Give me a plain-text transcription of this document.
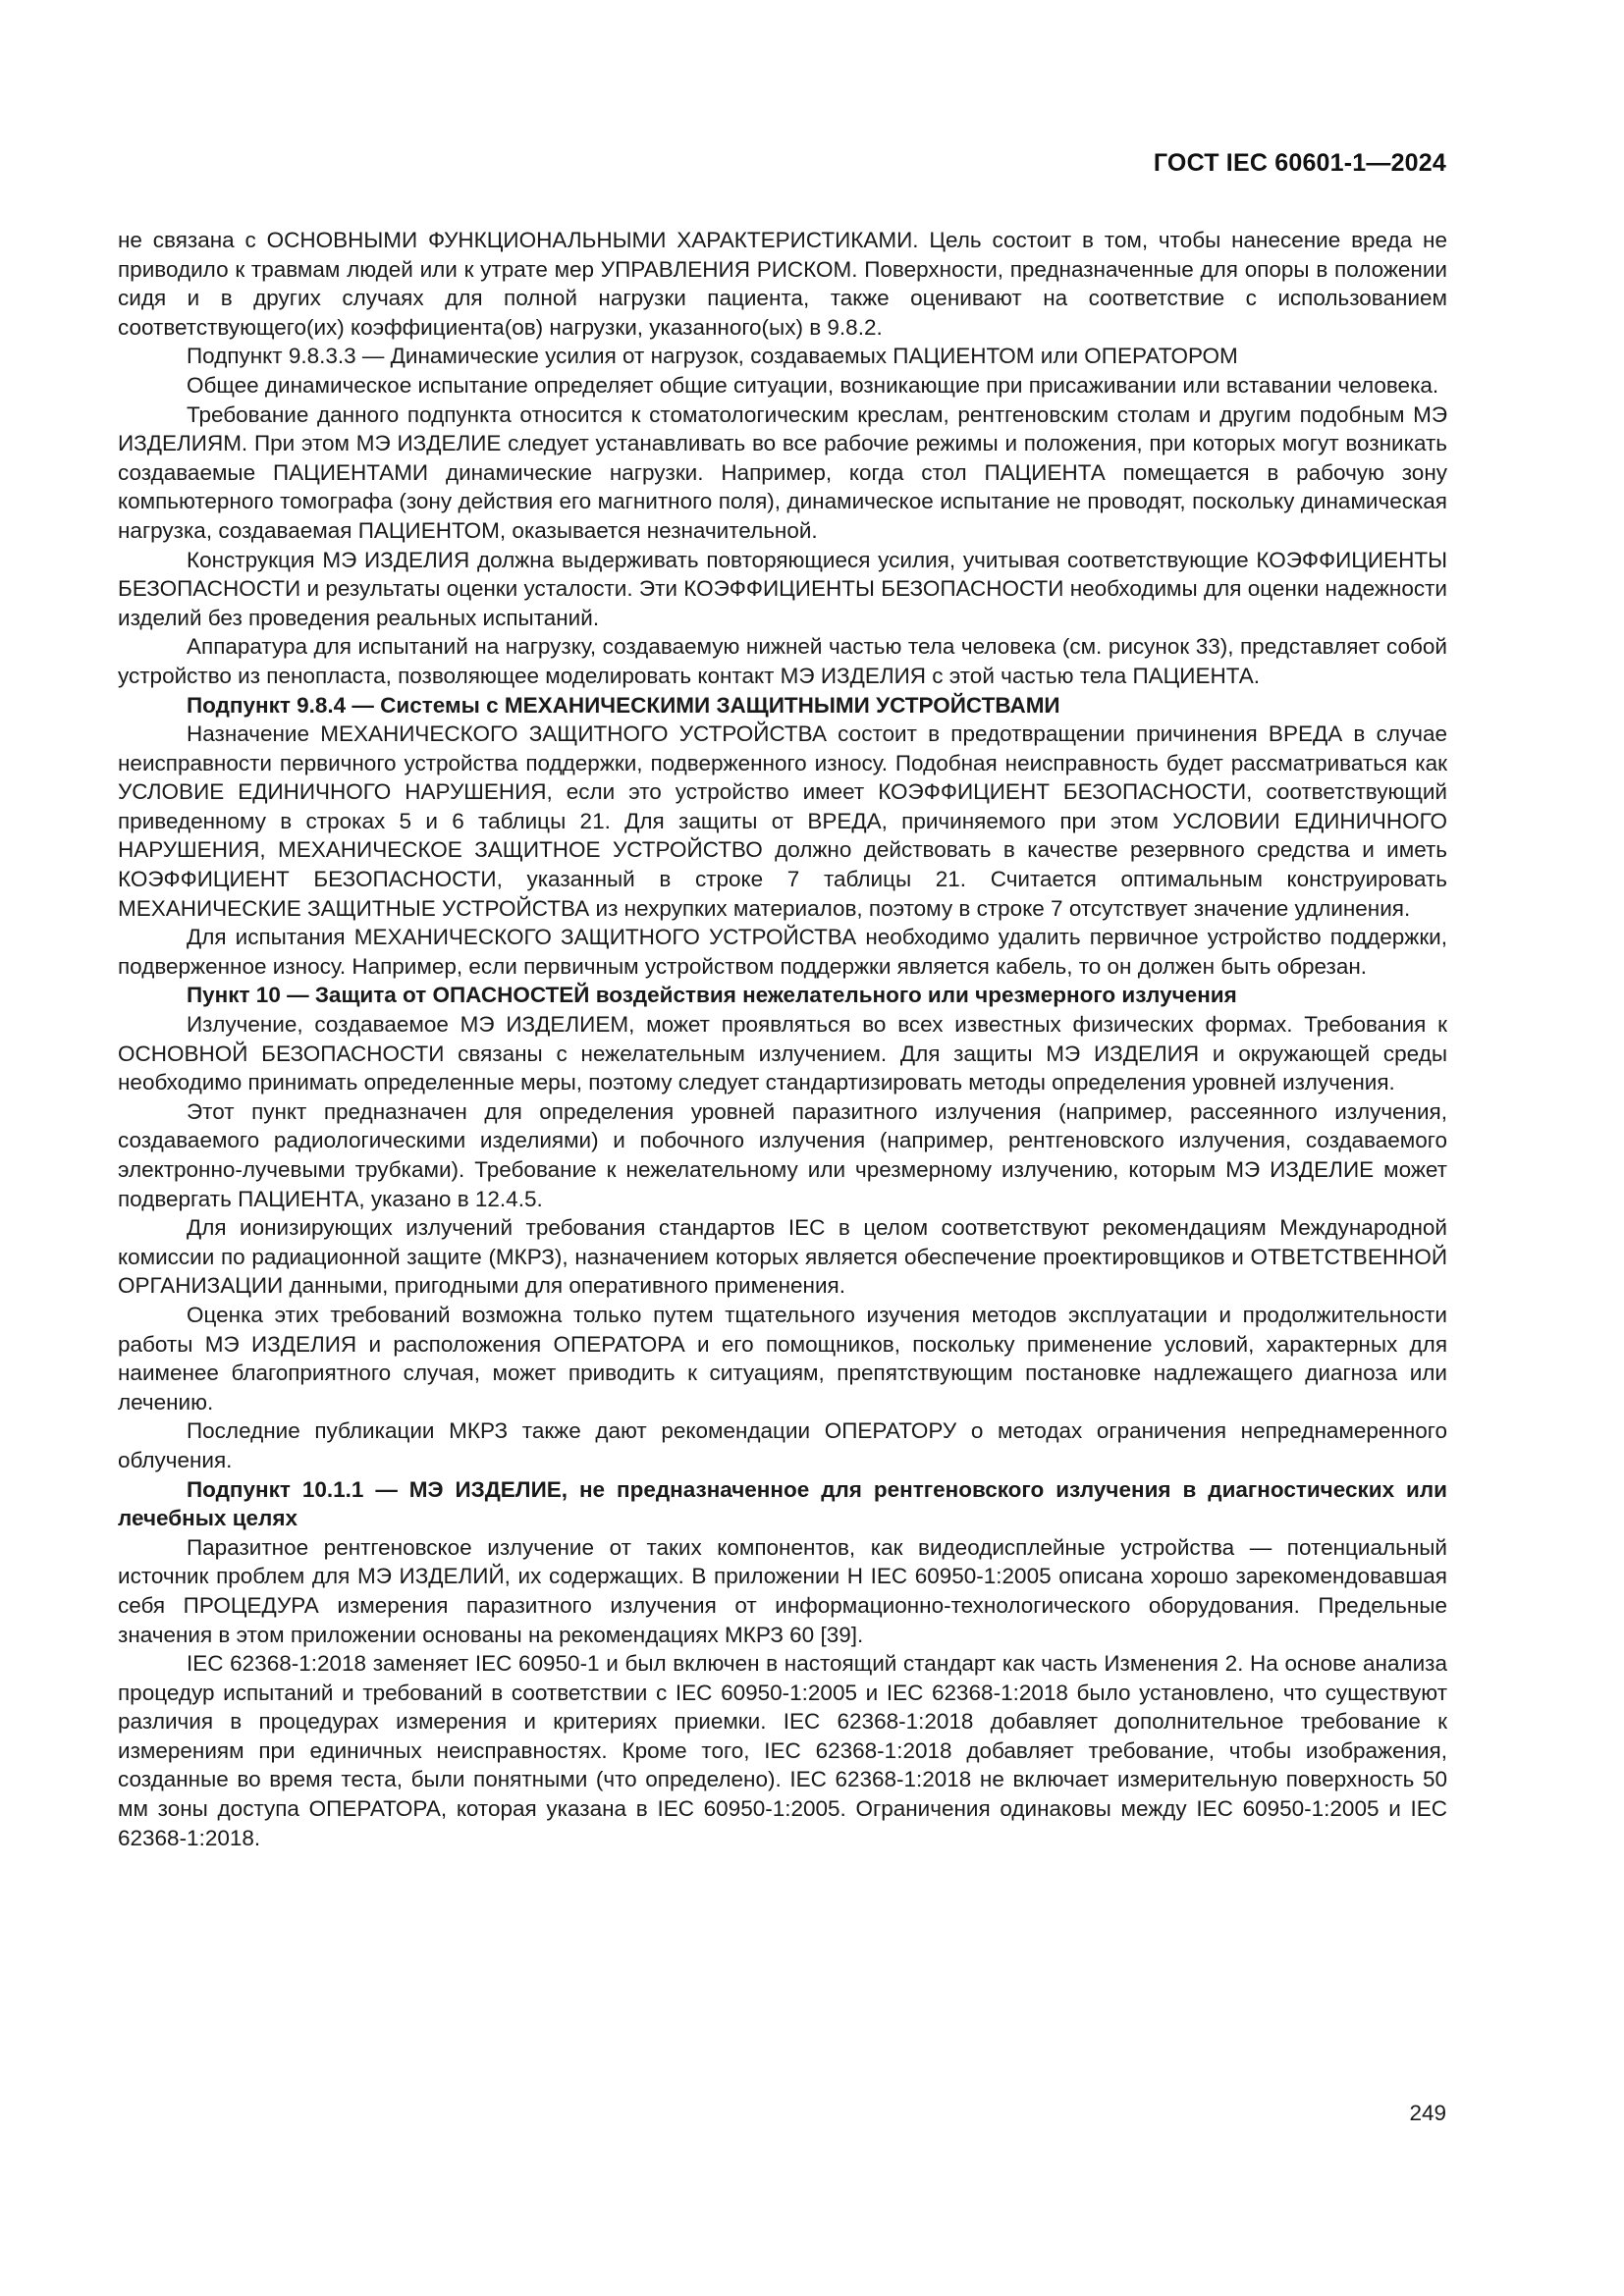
ГОСТ IEC 60601-1—2024

не связана с ОСНОВНЫМИ ФУНКЦИОНАЛЬНЫМИ ХАРАКТЕРИСТИКАМИ. Цель состоит в том, чтобы нанесение вреда не приводило к травмам людей или к утрате мер УПРАВЛЕНИЯ РИСКОМ. Поверхности, предназначенные для опоры в положении сидя и в других случаях для полной нагрузки пациента, также оценивают на соответствие с использованием соответствующего(их) коэффициента(ов) нагрузки, указанного(ых) в 9.8.2.

Подпункт 9.8.3.3 — Динамические усилия от нагрузок, создаваемых ПАЦИЕНТОМ или ОПЕРАТОРОМ

Общее динамическое испытание определяет общие ситуации, возникающие при присаживании или вставании человека.

Требование данного подпункта относится к стоматологическим креслам, рентгеновским столам и другим подобным МЭ ИЗДЕЛИЯМ. При этом МЭ ИЗДЕЛИЕ следует устанавливать во все рабочие режимы и положения, при которых могут возникать создаваемые ПАЦИЕНТАМИ динамические нагрузки. Например, когда стол ПАЦИЕНТА помещается в рабочую зону компьютерного томографа (зону действия его магнитного поля), динамическое испытание не проводят, поскольку динамическая нагрузка, создаваемая ПАЦИЕНТОМ, оказывается незначительной.

Конструкция МЭ ИЗДЕЛИЯ должна выдерживать повторяющиеся усилия, учитывая соответствующие КОЭФФИЦИЕНТЫ БЕЗОПАСНОСТИ и результаты оценки усталости. Эти КОЭФФИЦИЕНТЫ БЕЗОПАСНОСТИ необходимы для оценки надежности изделий без проведения реальных испытаний.

Аппаратура для испытаний на нагрузку, создаваемую нижней частью тела человека (см. рисунок 33), представляет собой устройство из пенопласта, позволяющее моделировать контакт МЭ ИЗДЕЛИЯ с этой частью тела ПАЦИЕНТА.

Подпункт 9.8.4 — Системы с МЕХАНИЧЕСКИМИ ЗАЩИТНЫМИ УСТРОЙСТВАМИ

Назначение МЕХАНИЧЕСКОГО ЗАЩИТНОГО УСТРОЙСТВА состоит в предотвращении причинения ВРЕДА в случае неисправности первичного устройства поддержки, подверженного износу. Подобная неисправность будет рассматриваться как УСЛОВИЕ ЕДИНИЧНОГО НАРУШЕНИЯ, если это устройство имеет КОЭФФИЦИЕНТ БЕЗОПАСНОСТИ, соответствующий приведенному в строках 5 и 6 таблицы 21. Для защиты от ВРЕДА, причиняемого при этом УСЛОВИИ ЕДИНИЧНОГО НАРУШЕНИЯ, МЕХАНИЧЕСКОЕ ЗАЩИТНОЕ УСТРОЙСТВО должно действовать в качестве резервного средства и иметь КОЭФФИЦИЕНТ БЕЗОПАСНОСТИ, указанный в строке 7 таблицы 21. Считается оптимальным конструировать МЕХАНИЧЕСКИЕ ЗАЩИТНЫЕ УСТРОЙСТВА из нехрупких материалов, поэтому в строке 7 отсутствует значение удлинения.

Для испытания МЕХАНИЧЕСКОГО ЗАЩИТНОГО УСТРОЙСТВА необходимо удалить первичное устройство поддержки, подверженное износу. Например, если первичным устройством поддержки является кабель, то он должен быть обрезан.

Пункт 10 — Защита от ОПАСНОСТЕЙ воздействия нежелательного или чрезмерного излучения

Излучение, создаваемое МЭ ИЗДЕЛИЕМ, может проявляться во всех известных физических формах. Требования к ОСНОВНОЙ БЕЗОПАСНОСТИ связаны с нежелательным излучением. Для защиты МЭ ИЗДЕЛИЯ и окружающей среды необходимо принимать определенные меры, поэтому следует стандартизировать методы определения уровней излучения.

Этот пункт предназначен для определения уровней паразитного излучения (например, рассеянного излучения, создаваемого радиологическими изделиями) и побочного излучения (например, рентгеновского излучения, создаваемого электронно-лучевыми трубками). Требование к нежелательному или чрезмерному излучению, которым МЭ ИЗДЕЛИЕ может подвергать ПАЦИЕНТА, указано в 12.4.5.

Для ионизирующих излучений требования стандартов IEC в целом соответствуют рекомендациям Международной комиссии по радиационной защите (МКРЗ), назначением которых является обеспечение проектировщиков и ОТВЕТСТВЕННОЙ ОРГАНИЗАЦИИ данными, пригодными для оперативного применения.

Оценка этих требований возможна только путем тщательного изучения методов эксплуатации и продолжительности работы МЭ ИЗДЕЛИЯ и расположения ОПЕРАТОРА и его помощников, поскольку применение условий, характерных для наименее благоприятного случая, может приводить к ситуациям, препятствующим постановке надлежащего диагноза или лечению.

Последние публикации МКРЗ также дают рекомендации ОПЕРАТОРУ о методах ограничения непреднамеренного облучения.

Подпункт 10.1.1 — МЭ ИЗДЕЛИЕ, не предназначенное для рентгеновского излучения в диагностических или лечебных целях

Паразитное рентгеновское излучение от таких компонентов, как видеодисплейные устройства — потенциальный источник проблем для МЭ ИЗДЕЛИЙ, их содержащих. В приложении H IEC 60950-1:2005 описана хорошо зарекомендовавшая себя ПРОЦЕДУРА измерения паразитного излучения от информационно-технологического оборудования. Предельные значения в этом приложении основаны на рекомендациях МКРЗ 60 [39].

IEC 62368-1:2018 заменяет IEC 60950-1 и был включен в настоящий стандарт как часть Изменения 2. На основе анализа процедур испытаний и требований в соответствии с IEC 60950-1:2005 и IEC 62368-1:2018 было установлено, что существуют различия в процедурах измерения и критериях приемки. IEC 62368-1:2018 добавляет дополнительное требование к измерениям при единичных неисправностях. Кроме того, IEC 62368-1:2018 добавляет требование, чтобы изображения, созданные во время теста, были понятными (что определено). IEC 62368-1:2018 не включает измерительную поверхность 50 мм зоны доступа ОПЕРАТОРА, которая указана в IEC 60950-1:2005. Ограничения одинаковы между IEC 60950-1:2005 и IEC 62368-1:2018.

249
